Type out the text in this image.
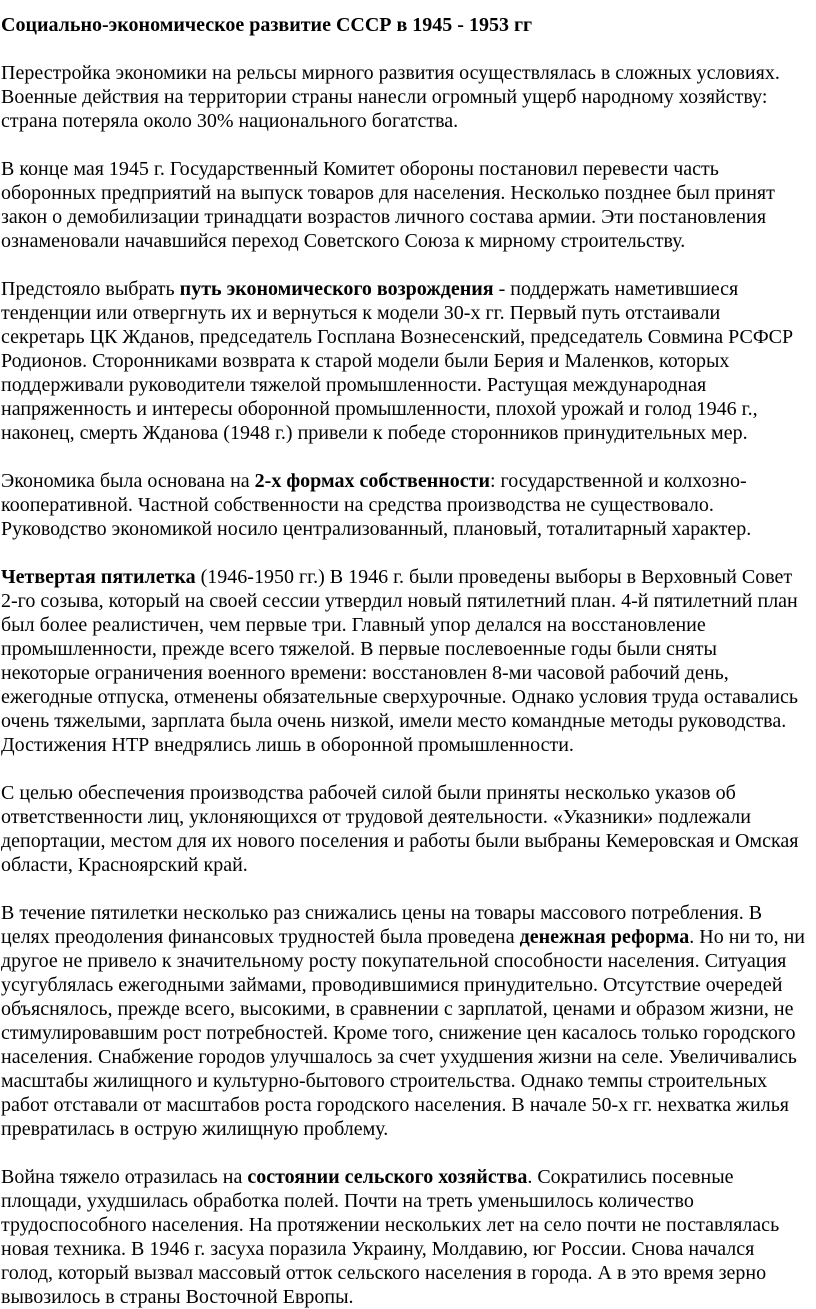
Социально-экономическое развитие СССР в 1945 - 1953 гг
Перестройка экономики на рельсы мирного развития осуществлялась в сложных условиях. Военные действия на территории страны нанесли огромный ущерб народному хозяйству: страна потеряла около 30% национального богатства.
В конце мая 1945 г. Государственный Комитет обороны постановил перевести часть оборонных предприятий на выпуск товаров для населения. Несколько позднее был принят закон о демобилизации тринадцати возрастов личного состава армии. Эти постановления ознаменовали начавшийся переход Советского Союза к мирному строительству.
Предстояло выбрать путь экономического возрождения - поддержать наметившиеся тенденции или отвергнуть их и вернуться к модели 30-х гг. Первый путь отстаивали секретарь ЦК Жданов, председатель Госплана Вознесенский, председатель Совмина РСФСР Родионов. Сторонниками возврата к старой модели были Берия и Маленков, которых поддерживали руководители тяжелой промышленности. Растущая международная напряженность и интересы оборонной промышленности, плохой урожай и голод 1946 г., наконец, смерть Жданова (1948 г.) привели к победе сторонников принудительных мер.
Экономика была основана на 2-х формах собственности: государственной и колхозно-кооперативной. Частной собственности на средства производства не существовало. Руководство экономикой носило централизованный, плановый, тоталитарный характер.
Четвертая пятилетка (1946-1950 гг.) В 1946 г. были проведены выборы в Верховный Совет 2-го созыва, который на своей сессии утвердил новый пятилетний план. 4-й пятилетний план был более реалистичен, чем первые три. Главный упор делался на восстановление промышленности, прежде всего тяжелой. В первые послевоенные годы были сняты некоторые ограничения военного времени: восстановлен 8-ми часовой рабочий день, ежегодные отпуска, отменены обязательные сверхурочные. Однако условия труда оставались очень тяжелыми, зарплата была очень низкой, имели место командные методы руководства. Достижения НТР внедрялись лишь в оборонной промышленности.
С целью обеспечения производства рабочей силой были приняты несколько указов об ответственности лиц, уклоняющихся от трудовой деятельности. «Указники» подлежали депортации, местом для их нового поселения и работы были выбраны Кемеровская и Омская области, Красноярский край.
В течение пятилетки несколько раз снижались цены на товары массового потребления. В целях преодоления финансовых трудностей была проведена денежная реформа. Но ни то, ни другое не привело к значительному росту покупательной способности населения. Ситуация усугублялась ежегодными займами, проводившимися принудительно. Отсутствие очередей объяснялось, прежде всего, высокими, в сравнении с зарплатой, ценами и образом жизни, не стимулировавшим рост потребностей. Кроме того, снижение цен касалось только городского населения. Снабжение городов улучшалось за счет ухудшения жизни на селе. Увеличивались масштабы жилищного и культурно-бытового строительства. Однако темпы строительных работ отставали от масштабов роста городского населения. В начале 50-х гг. нехватка жилья превратилась в острую жилищную проблему.
Война тяжело отразилась на состоянии сельского хозяйства. Сократились посевные площади, ухудшилась обработка полей. Почти на треть уменьшилось количество трудоспособного населения. На протяжении нескольких лет на село почти не поставлялась новая техника. В 1946 г. засуха поразила Украину, Молдавию, юг России. Снова начался голод, который вызвал массовый отток сельского населения в города. А в это время зерно вывозилось в страны Восточной Европы.
